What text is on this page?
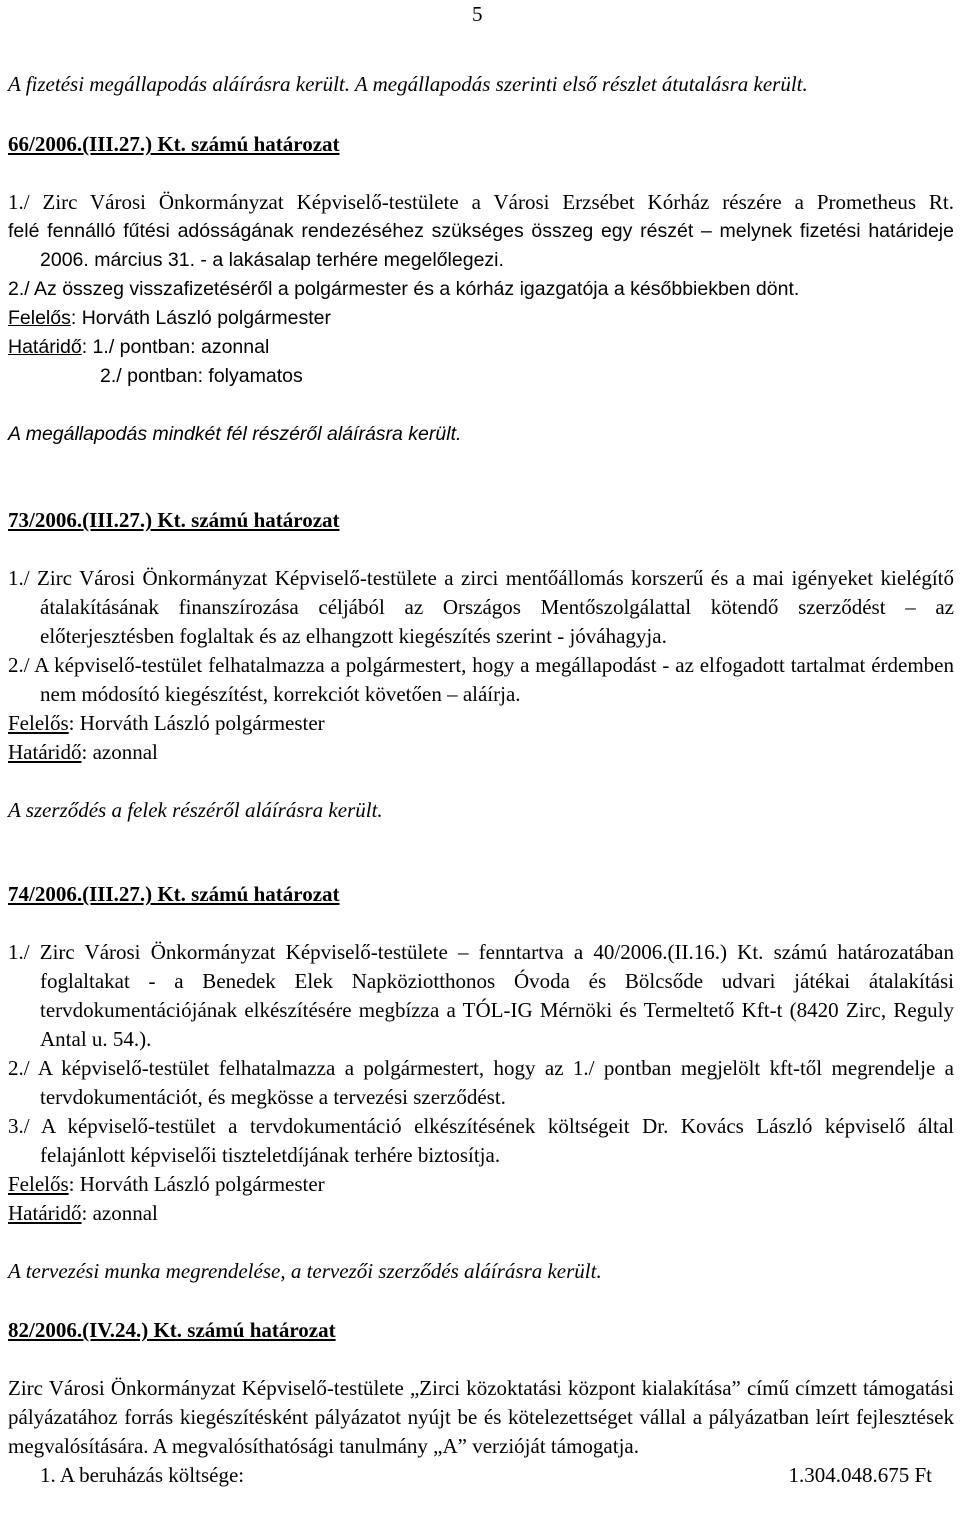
5

A fizetési megállapodás aláírásra került. A megállapodás szerinti első részlet átutalásra került.

66/2006.(III.27.) Kt. számú határozat

1./ Zirc Városi Önkormányzat Képviselő-testülete a Városi Erzsébet Kórház részére a Prometheus Rt.
felé fennálló fűtési adósságának rendezéséhez szükséges összeg egy részét – melynek fizetési határideje 2006. március 31. - a lakásalap terhére megelőlegezi.

2./ Az összeg visszafizetéséről a polgármester és a kórház igazgatója a későbbiekben dönt.

Felelős: Horváth László polgármester

Határidő: 1./ pontban: azonnal

2./ pontban: folyamatos

A megállapodás mindkét fél részéről aláírásra került.

73/2006.(III.27.) Kt. számú határozat

1./ Zirc Városi Önkormányzat Képviselő-testülete a zirci mentőállomás korszerű és a mai igényeket kielégítő átalakításának finanszírozása céljából az Országos Mentőszolgálattal kötendő szerződést – az előterjesztésben foglaltak és az elhangzott kiegészítés szerint - jóváhagyja.

2./ A képviselő-testület felhatalmazza a polgármestert, hogy a megállapodást - az elfogadott tartalmat érdemben nem módosító kiegészítést, korrekciót követően – aláírja.

Felelős: Horváth László polgármester

Határidő: azonnal

A szerződés a felek részéről aláírásra került.

74/2006.(III.27.) Kt. számú határozat

1./ Zirc Városi Önkormányzat Képviselő-testülete – fenntartva a 40/2006.(II.16.) Kt. számú határozatában foglaltakat - a Benedek Elek Napköziotthonos Óvoda és Bölcsőde udvari játékai átalakítási tervdokumentációjának elkészítésére megbízza a TÓL-IG Mérnöki és Termeltető Kft-t (8420 Zirc, Reguly Antal u. 54.).

2./ A képviselő-testület felhatalmazza a polgármestert, hogy az 1./ pontban megjelölt kft-től megrendelje a tervdokumentációt, és megkösse a tervezési szerződést.

3./ A képviselő-testület a tervdokumentáció elkészítésének költségeit Dr. Kovács László képviselő által felajánlott képviselői tiszteletdíjának terhére biztosítja.

Felelős: Horváth László polgármester

Határidő: azonnal

A tervezési munka megrendelése, a tervezői szerződés aláírásra került.

82/2006.(IV.24.) Kt. számú határozat

Zirc Városi Önkormányzat Képviselő-testülete „Zirci közoktatási központ kialakítása” című címzett támogatási pályázatához forrás kiegészítésként pályázatot nyújt be és kötelezettséget vállal a pályázatban leírt fejlesztések megvalósítására. A megvalósíthatósági tanulmány „A” verzióját támogatja.

1. A beruházás költsége:	1.304.048.675 Ft
